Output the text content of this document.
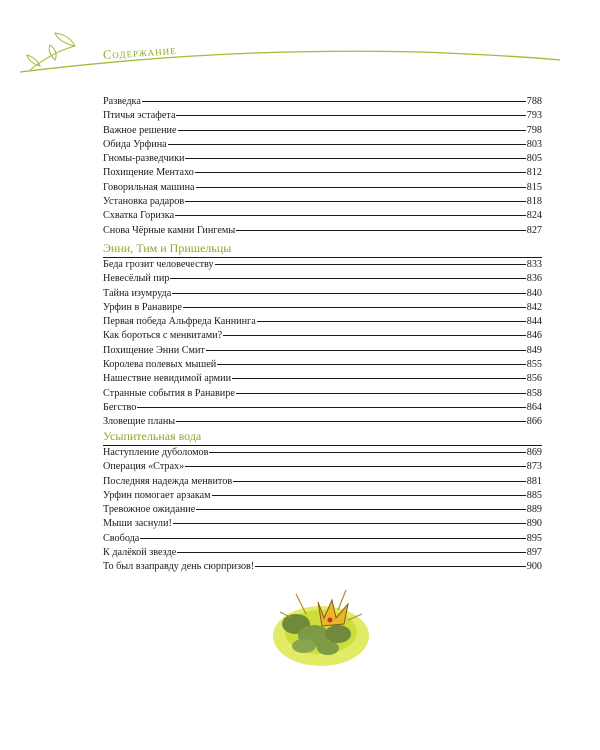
Содержание
Разведка	788
Птичья эстафета	793
Важное решение	798
Обида Урфина	803
Гномы-разведчики	805
Похищение Ментахо	812
Говорильная машина	815
Установка радаров	818
Схватка Горизка	824
Снова Чёрные камни Гингемы	827
Энни, Тим и Пришельцы
Беда грозит человечеству	833
Невесёлый пир	836
Тайна изумруда	840
Урфин в Ранавире	842
Первая победа Альфреда Каннинга	844
Как бороться с менвитами?	846
Похищение Энни Смит	849
Королева полевых мышей	855
Нашествие невидимой армии	856
Странные события в Ранавире	858
Бегство	864
Зловещие планы	866
Усыпительная вода
Наступление дуболомов	869
Операция «Страх»	873
Последняя надежда менвитов	881
Урфин помогает арзакам	885
Тревожное ожидание	889
Мыши заснули!	890
Свобода	895
К далёкой звезде	897
То был взаправду день сюрпризов!	900
